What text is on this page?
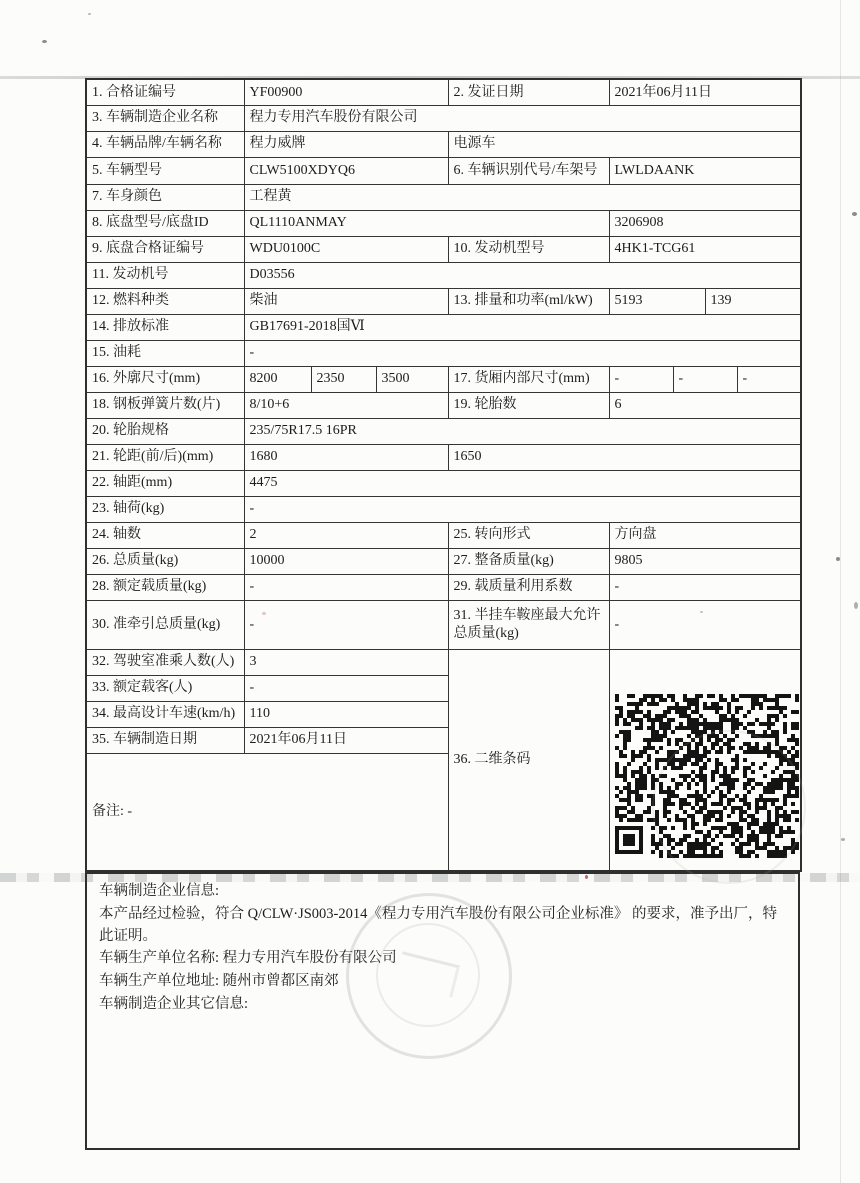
1. 合格证编号	YF00900			2. 发证日期	2021年06月11日			
3. 车辆制造企业名称	程力专用汽车股份有限公司							
4. 车辆品牌/车辆名称	程力威牌			电源车				
5. 车辆型号	CLW5100XDYQ6			6. 车辆识别代号/车架号	LWLDAANK			
7. 车身颜色	工程黄							
8. 底盘型号/底盘ID	QL1110ANMAY				3206908			
9. 底盘合格证编号	WDU0100C			10. 发动机型号	4HK1-TCG61			
11. 发动机号	D03556							
12. 燃料种类	柴油			13. 排量和功率(ml/kW)	5193		139	
14. 排放标准	GB17691-2018国Ⅵ							
15. 油耗	-							
16. 外廓尺寸(mm)	8200	2350	3500	17. 货厢内部尺寸(mm)	-	-		-
18. 钢板弹簧片数(片)	8/10+6			19. 轮胎数	6			
20. 轮胎规格	235/75R17.5 16PR							
21. 轮距(前/后)(mm)	1680			1650				
22. 轴距(mm)	4475							
23. 轴荷(kg)	-							
24. 轴数	2			25. 转向形式	方向盘			
26. 总质量(kg)	10000			27. 整备质量(kg)	9805			
28. 额定载质量(kg)	-			29. 载质量利用系数	-			
30. 准牵引总质量(kg)	-			31. 半挂车鞍座最大允许总质量(kg)	-			
32. 驾驶室准乘人数(人)	3			36. 二维条码	

33. 额定载客(人)	-							
34. 最高设计车速(km/h)	110							
35. 车辆制造日期	2021年06月11日							
备注: -								
车辆制造企业信息:
本产品经过检验，符合 Q/CLW·JS003-2014《程力专用汽车股份有限公司企业标准》 的要求，准予出厂，特此证明。
车辆生产单位名称: 程力专用汽车股份有限公司
车辆生产单位地址: 随州市曾都区南郊
车辆制造企业其它信息:
